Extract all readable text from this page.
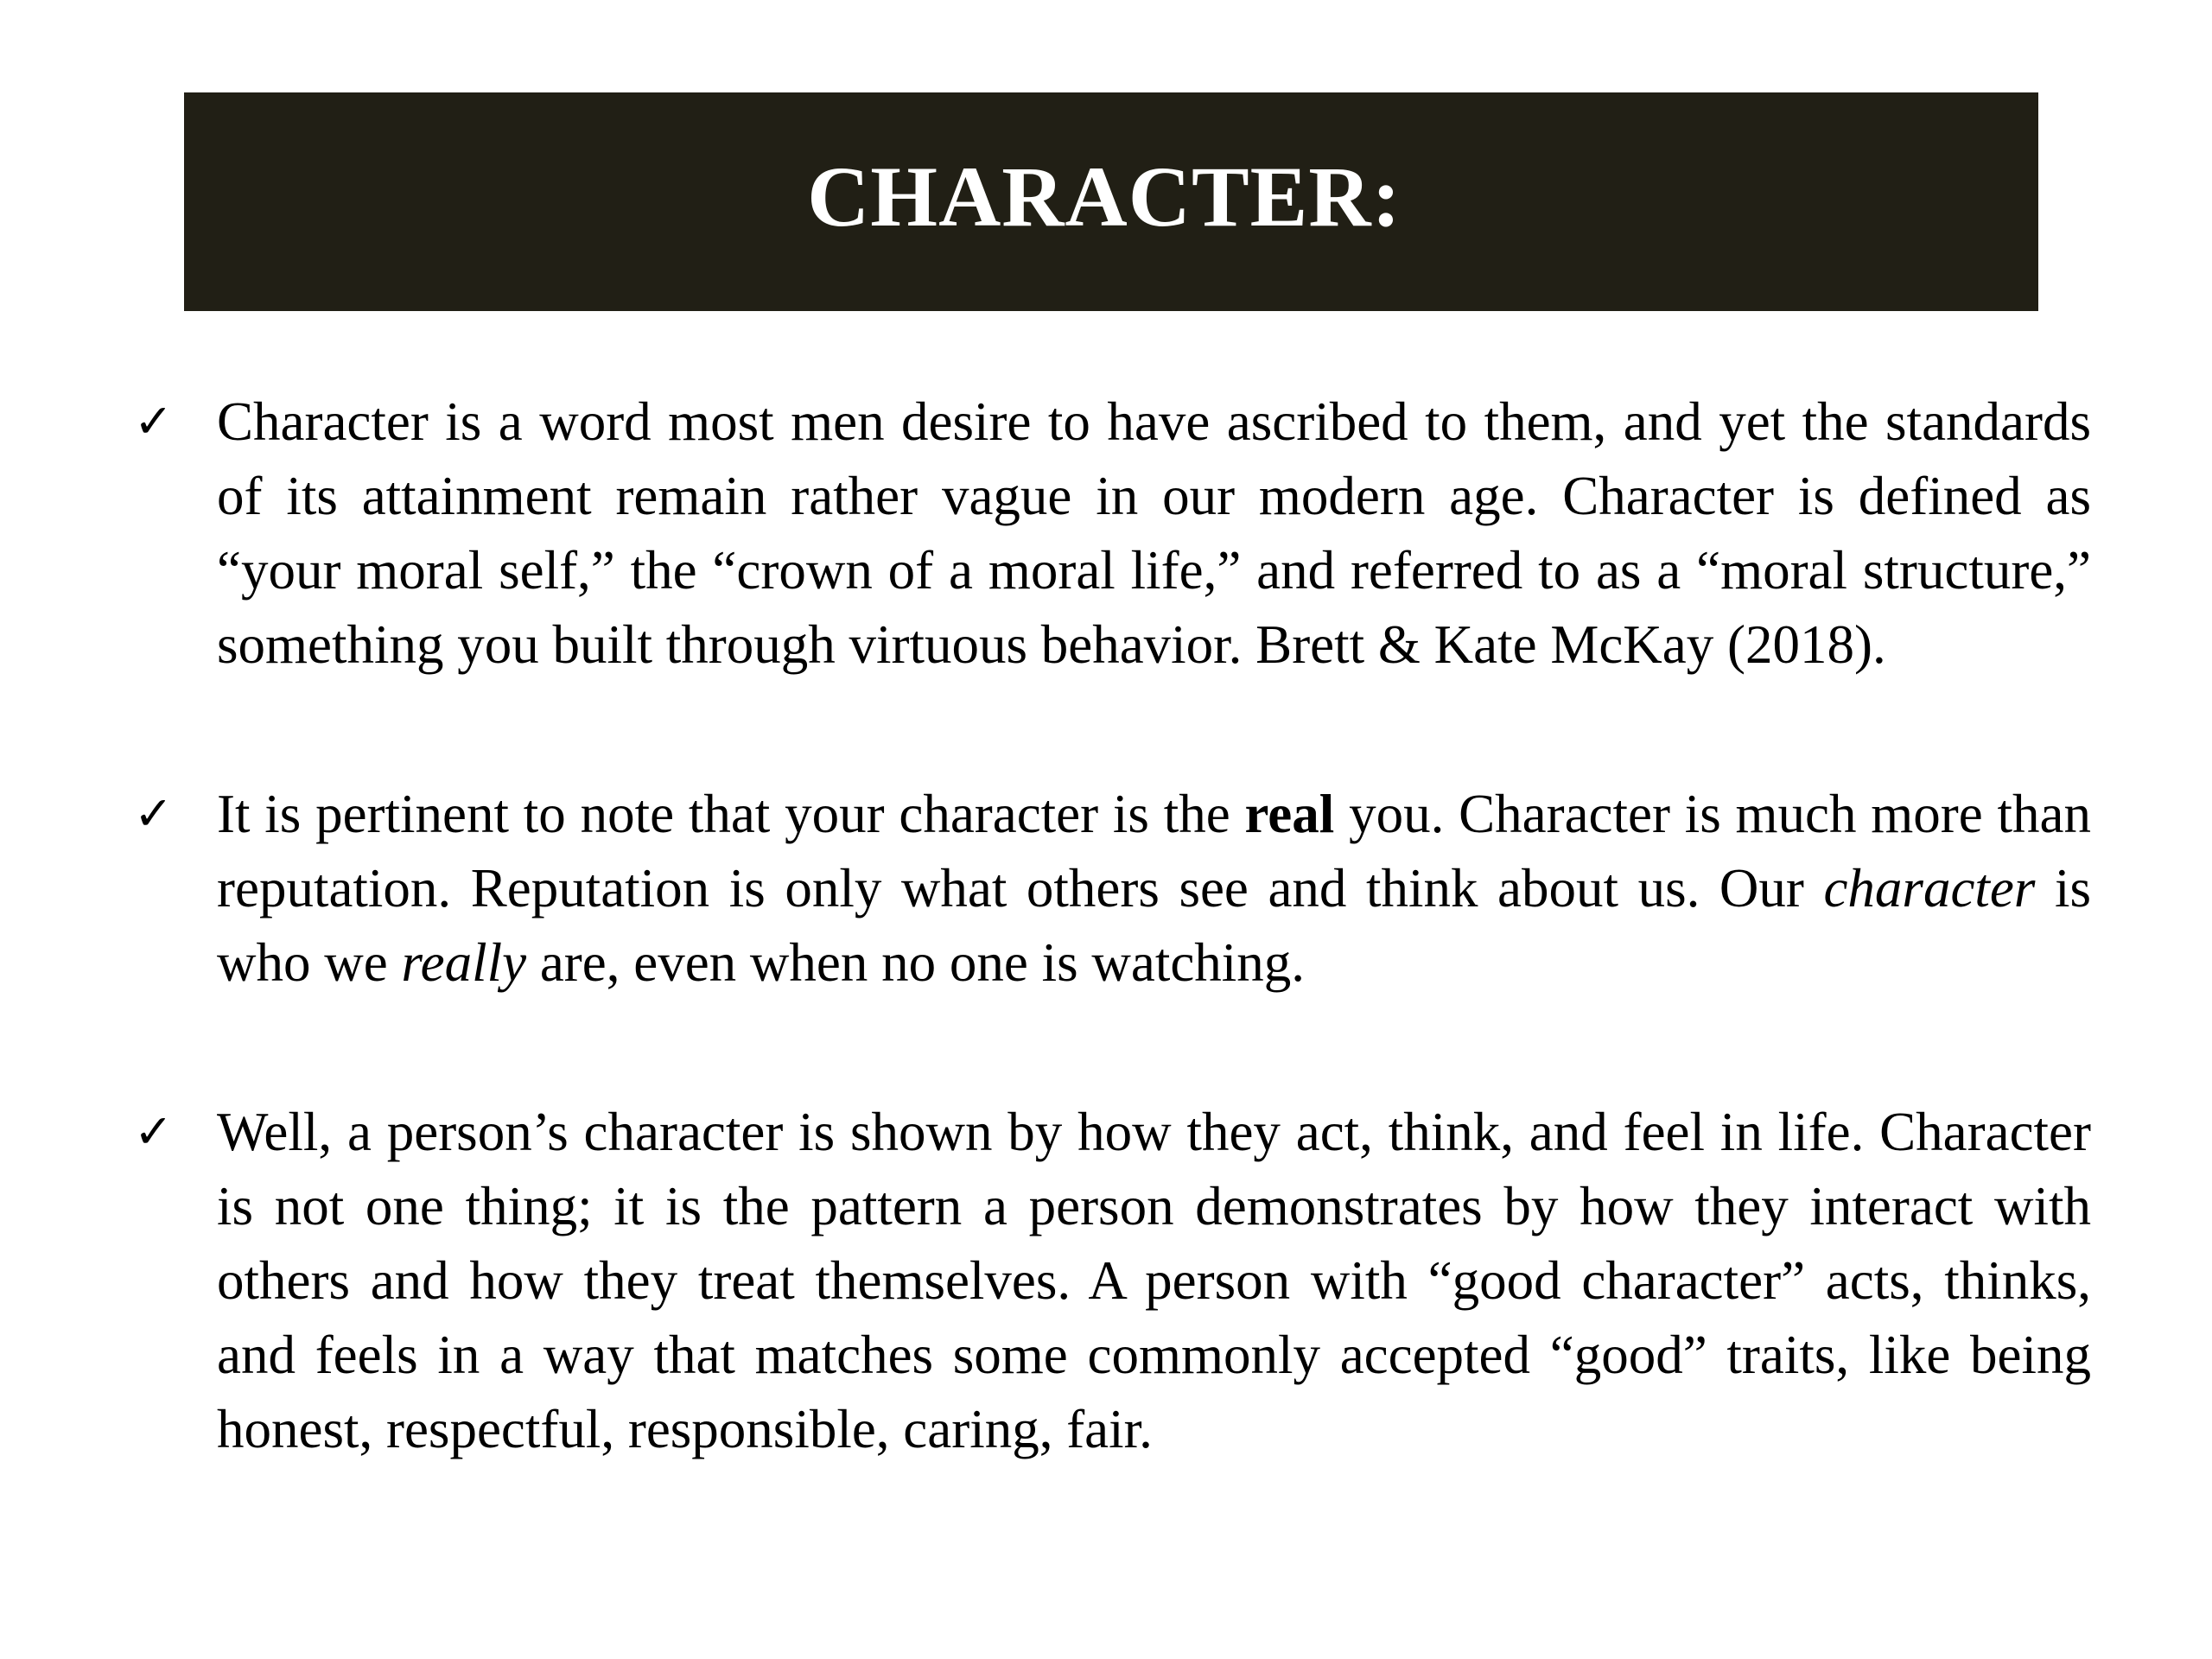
CHARACTER:
✓ Character is a word most men desire to have ascribed to them, and yet the standards of its attainment remain rather vague in our modern age. Character is defined as “your moral self,” the “crown of a moral life,” and referred to as a “moral structure,” something you built through virtuous behavior. Brett & Kate McKay (2018).
✓ It is pertinent to note that your character is the real you. Character is much more than reputation. Reputation is only what others see and think about us. Our character is who we really are, even when no one is watching.
✓ Well, a person’s character is shown by how they act, think, and feel in life. Character is not one thing; it is the pattern a person demonstrates by how they interact with others and how they treat themselves. A person with “good character” acts, thinks, and feels in a way that matches some commonly accepted “good” traits, like being honest, respectful, responsible, caring, fair.
